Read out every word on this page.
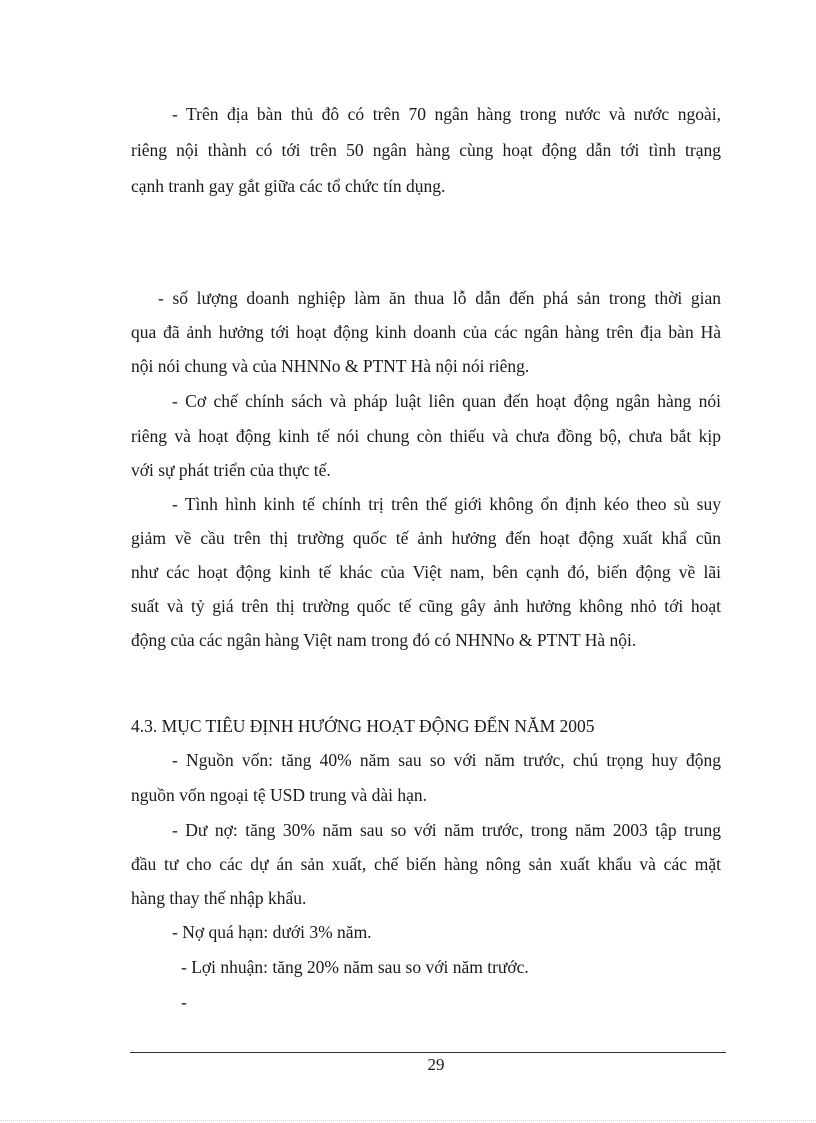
- Trên địa bàn thủ đô có trên 70 ngân hàng trong nước và nước ngoài,
riêng nội thành có tới trên 50 ngân hàng cùng hoạt động dẫn tới tình trạng
cạnh tranh gay gắt giữa các tổ chức tín dụng.
- số lượng doanh nghiệp làm ăn thua lỗ dẫn đến phá sản trong thời gian
qua đã ảnh hưởng tới hoạt động kinh doanh của các ngân hàng trên địa bàn Hà
nội nói chung và của NHNNo & PTNT Hà nội nói riêng.
- Cơ chế chính sách và pháp luật liên quan đến hoạt động ngân hàng nói
riêng và hoạt động kinh tế nói chung còn thiếu và chưa đồng bộ, chưa bắt kịp
với sự phát triển của thực tế.
- Tình hình kinh tế chính trị trên thế giới không ổn định kéo theo sù suy
giảm về cầu trên thị trường quốc tế ảnh hưởng đến hoạt động xuất khẩ cũn
như các hoạt động kinh tế khác của Việt nam, bên cạnh đó, biến động về lãi
suất và tỷ giá trên thị trường quốc tế cũng gây ảnh hưởng không nhỏ tới hoạt
động của các ngân hàng Việt nam trong đó có NHNNo & PTNT Hà nội.
4.3. MỤC TIÊU ĐỊNH HƯỚNG HOẠT ĐỘNG ĐẾN NĂM 2005
- Nguồn vốn: tăng 40% năm sau so với năm trước, chú trọng huy động
nguồn vốn ngoại tệ USD trung và dài hạn.
- Dư nợ: tăng 30% năm sau so với năm trước, trong năm 2003 tập trung
đầu tư cho các dự án sản xuất, chế biến hàng nông sản xuất khẩu và các mặt
hàng thay thế nhập khẩu.
- Nợ quá hạn: dưới 3% năm.
- Lợi nhuận: tăng 20% năm sau so với năm trước.
-
29
